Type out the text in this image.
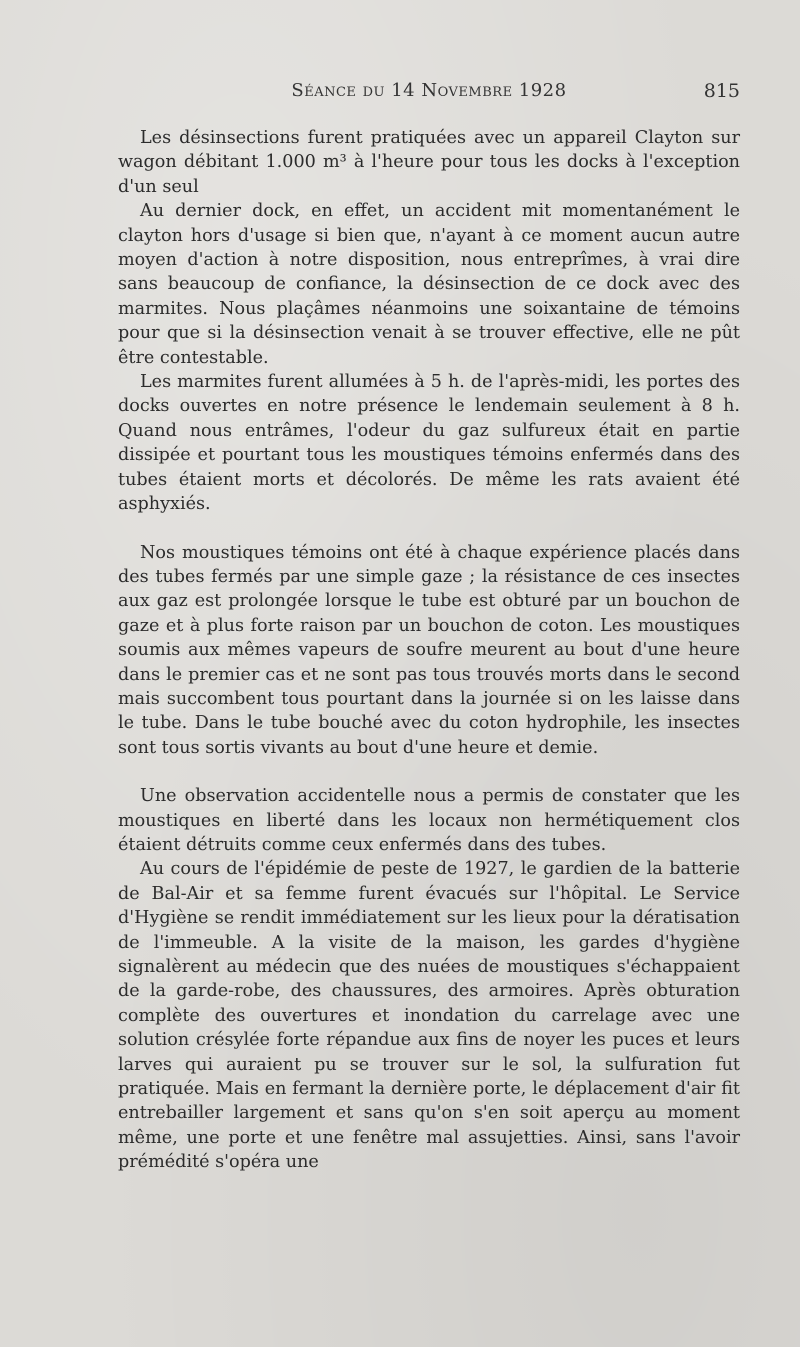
Séance du 14 Novembre 1928	815

Les désinsections furent pratiquées avec un appareil Clayton sur wagon débitant 1.000 m³ à l'heure pour tous les docks à l'exception d'un seul

Au dernier dock, en effet, un accident mit momentanément le clayton hors d'usage si bien que, n'ayant à ce moment aucun autre moyen d'action à notre disposition, nous entreprîmes, à vrai dire sans beaucoup de confiance, la désinsection de ce dock avec des marmites. Nous plaçâmes néanmoins une soixantaine de témoins pour que si la désinsection venait à se trouver effective, elle ne pût être contestable.

Les marmites furent allumées à 5 h. de l'après-midi, les portes des docks ouvertes en notre présence le lendemain seulement à 8 h. Quand nous entrâmes, l'odeur du gaz sulfureux était en partie dissipée et pourtant tous les moustiques témoins enfermés dans des tubes étaient morts et décolorés. De même les rats avaient été asphyxiés.

Nos moustiques témoins ont été à chaque expérience placés dans des tubes fermés par une simple gaze ; la résistance de ces insectes aux gaz est prolongée lorsque le tube est obturé par un bouchon de gaze et à plus forte raison par un bouchon de coton. Les moustiques soumis aux mêmes vapeurs de soufre meurent au bout d'une heure dans le premier cas et ne sont pas tous trouvés morts dans le second mais succombent tous pourtant dans la journée si on les laisse dans le tube. Dans le tube bouché avec du coton hydrophile, les insectes sont tous sortis vivants au bout d'une heure et demie.

Une observation accidentelle nous a permis de constater que les moustiques en liberté dans les locaux non hermétiquement clos étaient détruits comme ceux enfermés dans des tubes.

Au cours de l'épidémie de peste de 1927, le gardien de la batterie de Bal-Air et sa femme furent évacués sur l'hôpital. Le Service d'Hygiène se rendit immédiatement sur les lieux pour la dératisation de l'immeuble. A la visite de la maison, les gardes d'hygiène signalèrent au médecin que des nuées de moustiques s'échappaient de la garde-robe, des chaussures, des armoires. Après obturation complète des ouvertures et inondation du carrelage avec une solution crésylée forte répandue aux fins de noyer les puces et leurs larves qui auraient pu se trouver sur le sol, la sulfuration fut pratiquée. Mais en fermant la dernière porte, le déplacement d'air fit entrebailler largement et sans qu'on s'en soit aperçu au moment même, une porte et une fenêtre mal assujetties. Ainsi, sans l'avoir prémédité s'opéra une
